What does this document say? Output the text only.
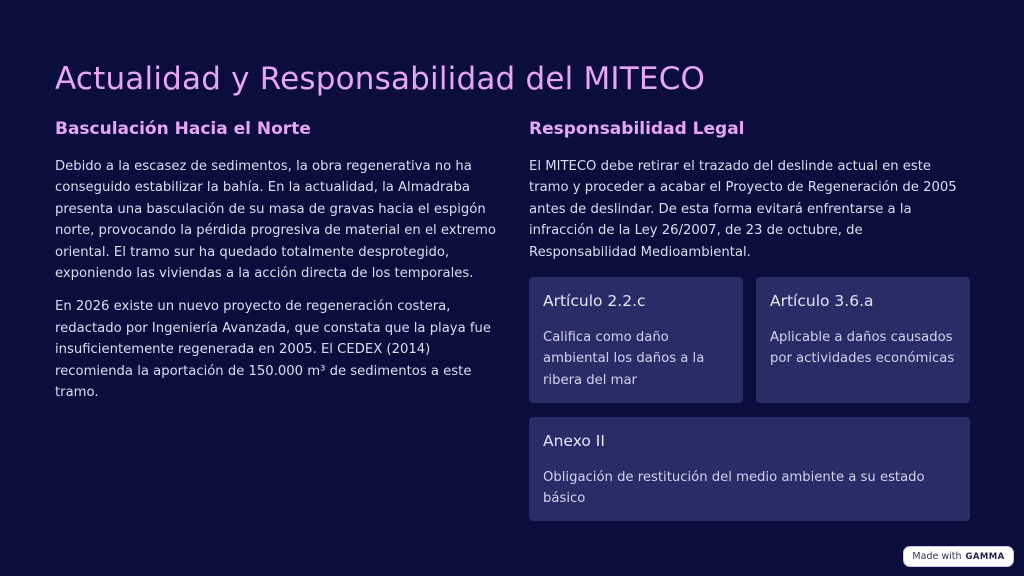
Actualidad y Responsabilidad del MITECO
Basculación Hacia el Norte

Debido a la escasez de sedimentos, la obra regenerativa no ha conseguido estabilizar la bahía. En la actualidad, la Almadraba presenta una basculación de su masa de gravas hacia el espigón norte, provocando la pérdida progresiva de material en el extremo oriental. El tramo sur ha quedado totalmente desprotegido, exponiendo las viviendas a la acción directa de los temporales.

En 2026 existe un nuevo proyecto de regeneración costera, redactado por Ingeniería Avanzada, que constata que la playa fue insuficientemente regenerada en 2005. El CEDEX (2014) recomienda la aportación de 150.000 m³ de sedimentos a este tramo.

Responsabilidad Legal

El MITECO debe retirar el trazado del deslinde actual en este tramo y proceder a acabar el Proyecto de Regeneración de 2005 antes de deslindar. De esta forma evitará enfrentarse a la infracción de la Ley 26/2007, de 23 de octubre, de Responsabilidad Medioambiental.

Artículo 2.2.c

Califica como daño ambiental los daños a la ribera del mar

Artículo 3.6.a

Aplicable a daños causados por actividades económicas

Anexo II

Obligación de restitución del medio ambiente a su estado básico

Made with GAMMA
